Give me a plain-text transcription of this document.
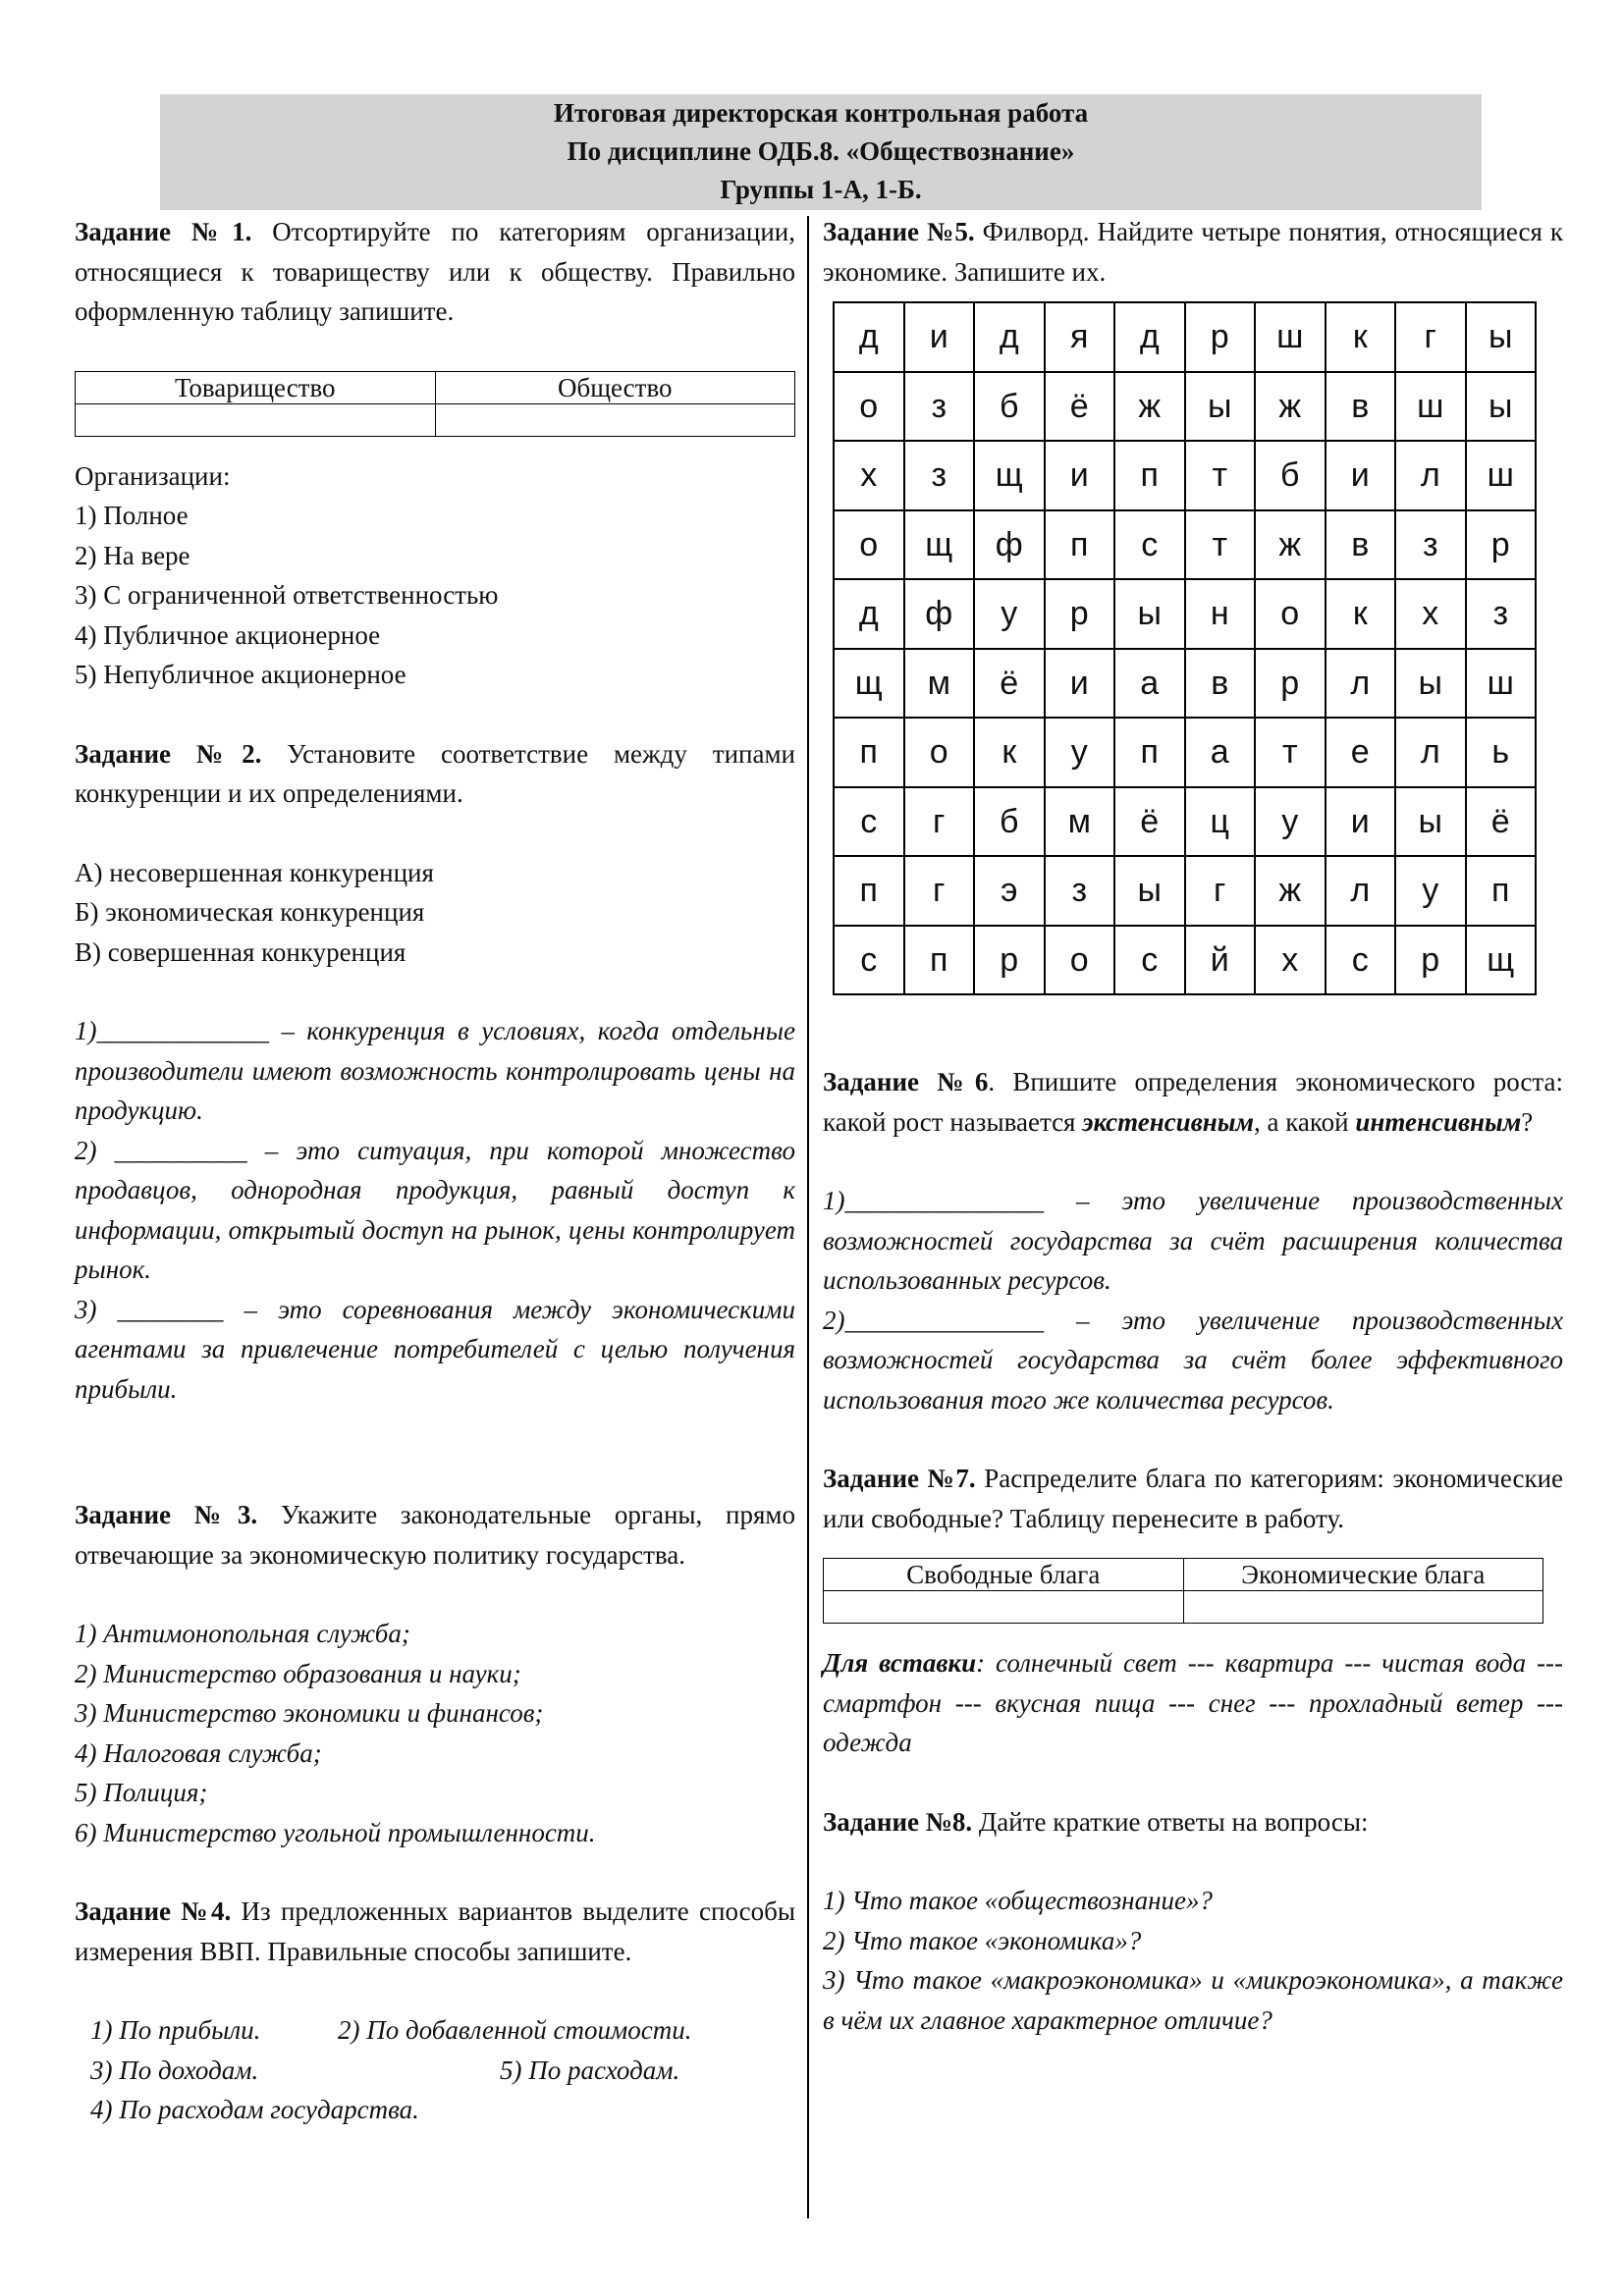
Итоговая директорская контрольная работа
По дисциплине ОДБ.8. «Обществознание»
Группы 1-А, 1-Б.

Задание №1. Отсортируйте по категориям организации, относящиеся к товариществу или к обществу. Правильно оформленную таблицу запишите.

Товарищество	Общество

Организации:

1) Полное

2) На вере

3) С ограниченной ответственностью

4) Публичное акционерное

5) Непубличное акционерное

Задание №2. Установите соответствие между типами конкуренции и их определениями.

А) несовершенная конкуренция

Б) экономическая конкуренция

В) совершенная конкуренция

1)_____________ – конкуренция в условиях, когда отдельные производители имеют возможность контролировать цены на продукцию.

2) __________ – это ситуация, при которой множество продавцов, однородная продукция, равный доступ к информации, открытый доступ на рынок, цены контролирует рынок.

3) ________ – это соревнования между экономическими агентами за привлечение потребителей с целью получения прибыли.

Задание №3. Укажите законодательные органы, прямо отвечающие за экономическую политику государства.

1) Антимонопольная служба;

2) Министерство образования и науки;

3) Министерство экономики и финансов;

4) Налоговая служба;

5) Полиция;

6) Министерство угольной промышленности.

Задание №4. Из предложенных вариантов выделите способы измерения ВВП. Правильные способы запишите.

1) По прибыли.	2) По добавленной стоимости.
3) По доходам.	5) По расходам.
4) По расходам государства.

Задание №5. Филворд. Найдите четыре понятия, относящиеся к экономике. Запишите их.

д	и	д	я	д	р	ш	к	г	ы
о	з	б	ё	ж	ы	ж	в	ш	ы
х	з	щ	и	п	т	б	и	л	ш
о	щ	ф	п	с	т	ж	в	з	р
д	ф	у	р	ы	н	о	к	х	з
щ	м	ё	и	а	в	р	л	ы	ш
п	о	к	у	п	а	т	е	л	ь
с	г	б	м	ё	ц	у	и	ы	ё
п	г	э	з	ы	г	ж	л	у	п
с	п	р	о	с	й	х	с	р	щ

Задание №6. Впишите определения экономического роста: какой рост называется экстенсивным, а какой интенсивным?

1)_______________ – это увеличение производственных возможностей государства за счёт расширения количества использованных ресурсов.

2)_______________ – это увеличение производственных возможностей государства за счёт более эффективного использования того же количества ресурсов.

Задание №7. Распределите блага по категориям: экономические или свободные? Таблицу перенесите в работу.

Свободные блага	Экономические блага

Для вставки: солнечный свет --- квартира --- чистая вода --- смартфон --- вкусная пища --- снег --- прохладный ветер --- одежда

Задание №8. Дайте краткие ответы на вопросы:

1) Что такое «обществознание»?

2) Что такое «экономика»?

3) Что такое «макроэкономика» и «микроэкономика», а также в чём их главное характерное отличие?
